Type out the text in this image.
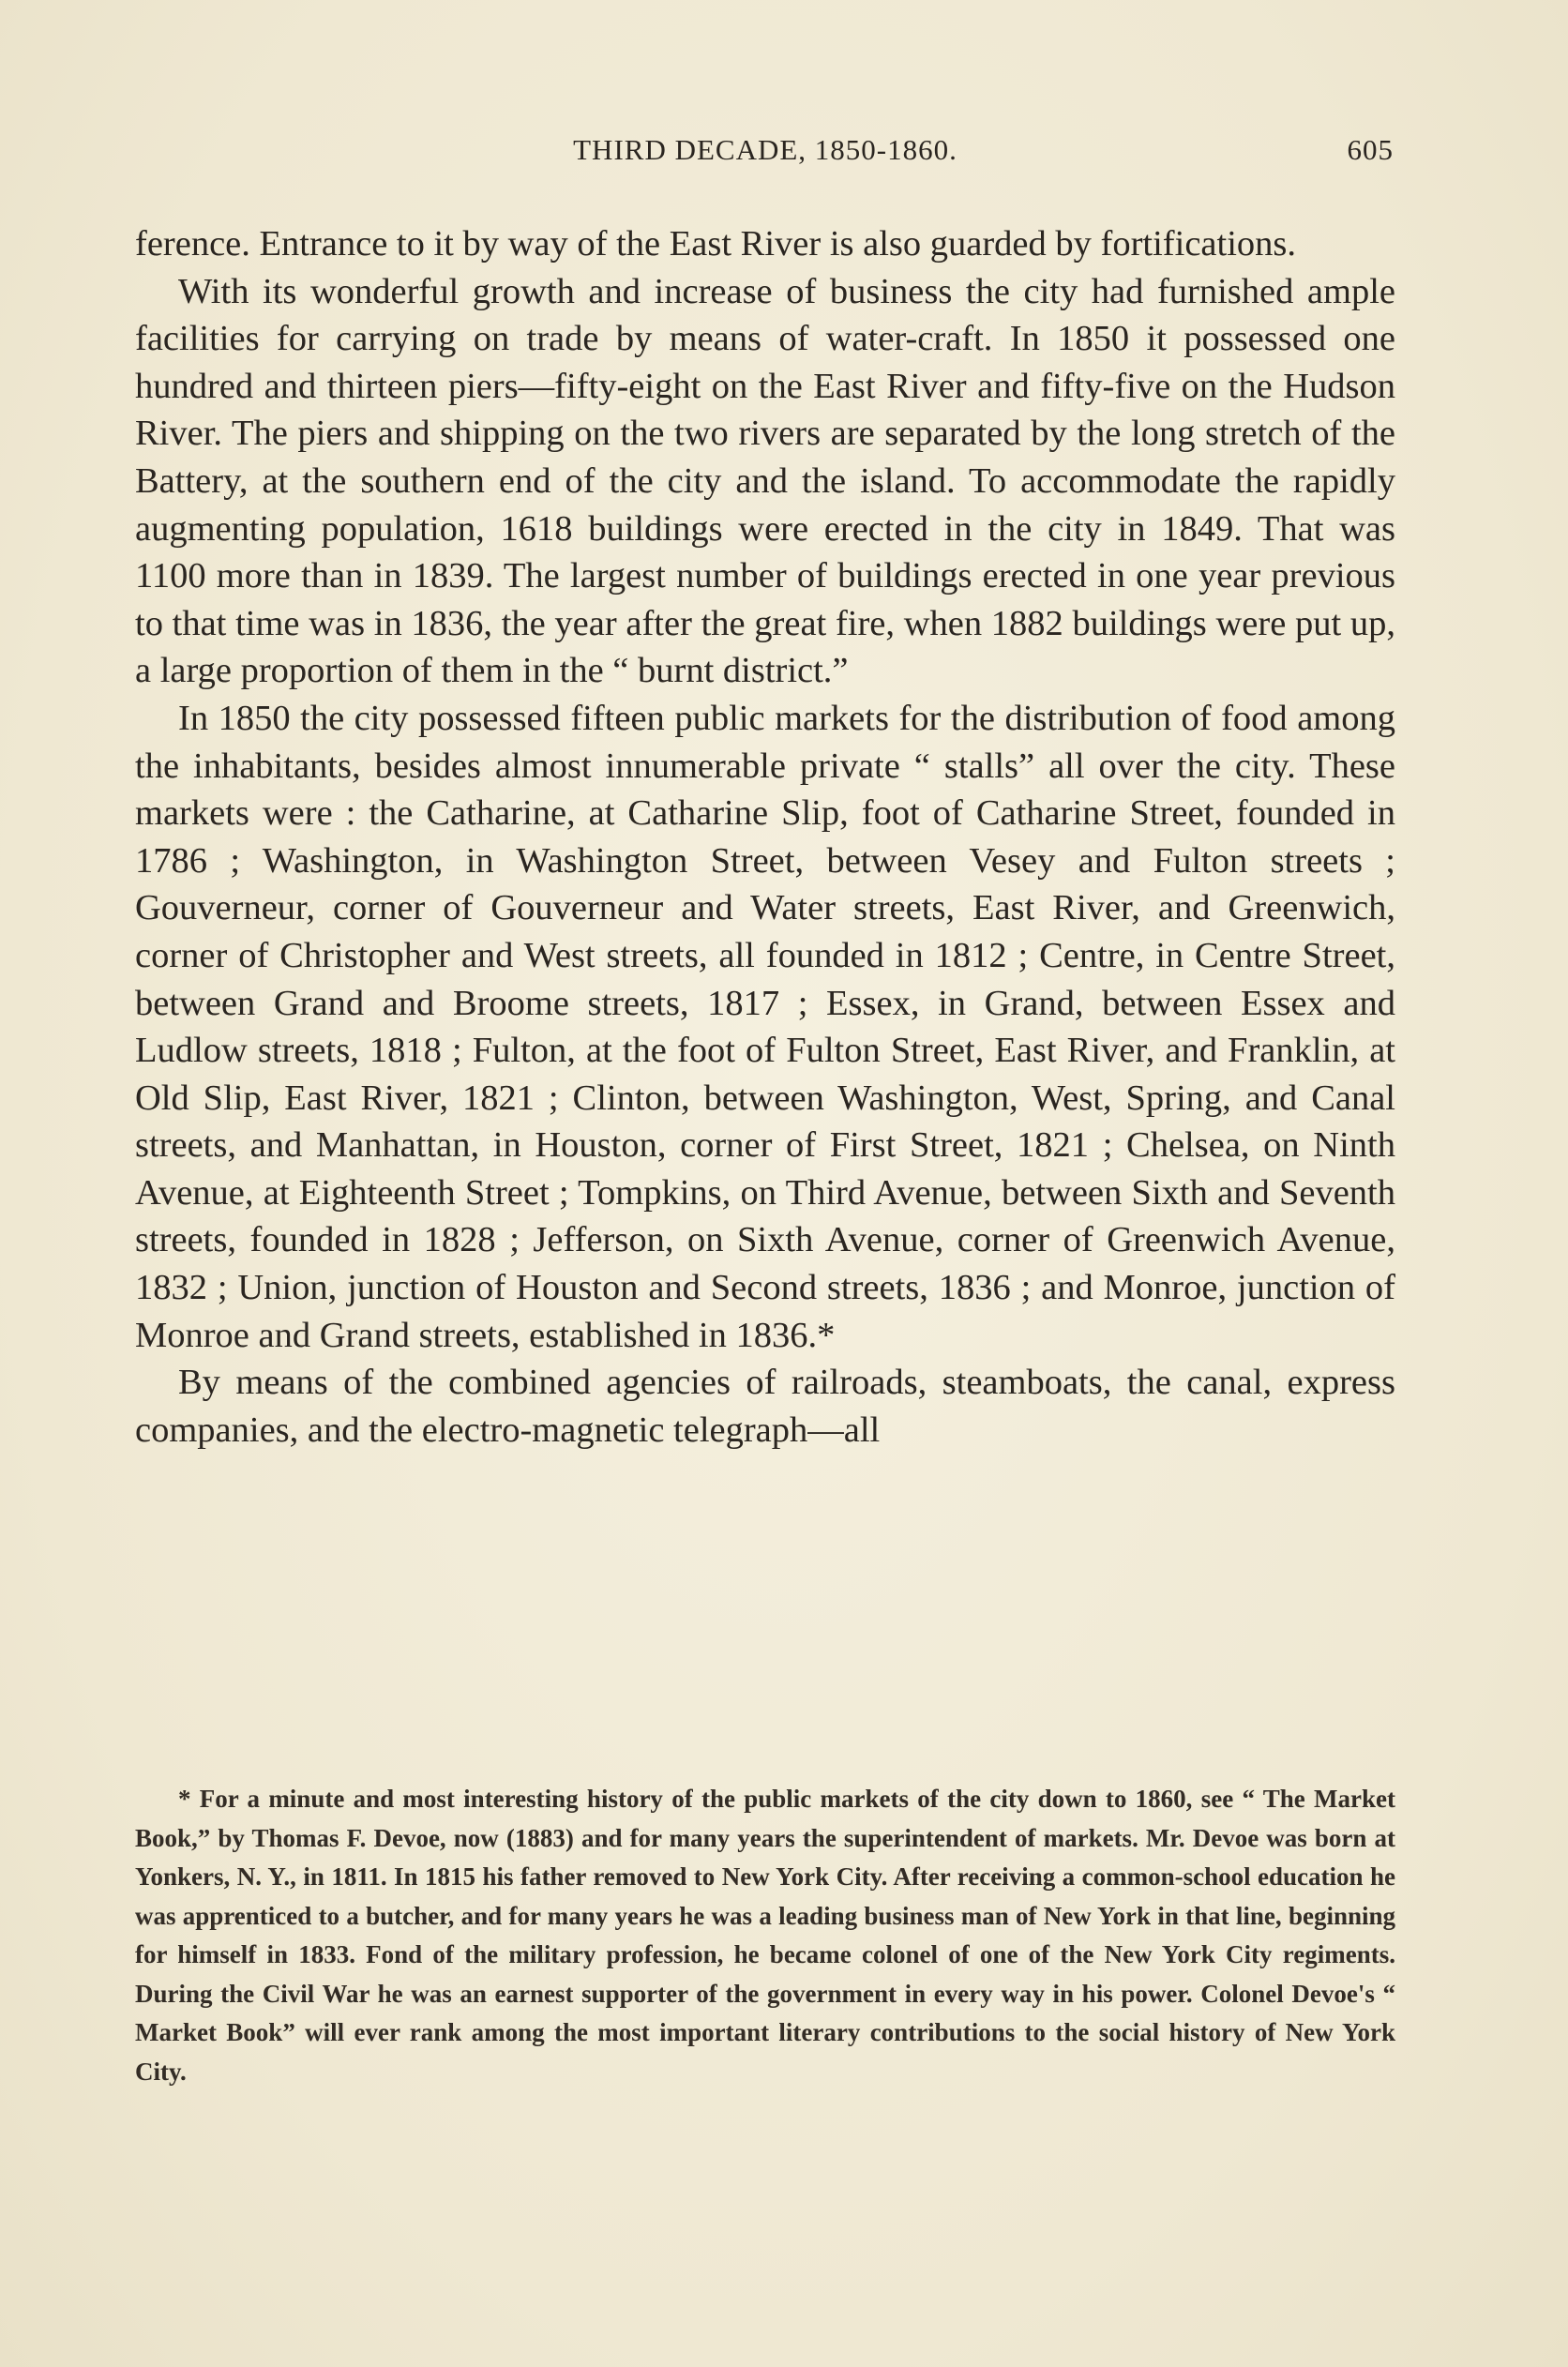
THIRD DECADE, 1850-1860.	605

ference. Entrance to it by way of the East River is also guarded by fortifications.

With its wonderful growth and increase of business the city had furnished ample facilities for carrying on trade by means of water-craft. In 1850 it possessed one hundred and thirteen piers—fifty-eight on the East River and fifty-five on the Hudson River. The piers and shipping on the two rivers are separated by the long stretch of the Battery, at the southern end of the city and the island. To accommodate the rapidly augmenting population, 1618 buildings were erected in the city in 1849. That was 1100 more than in 1839. The largest number of buildings erected in one year previous to that time was in 1836, the year after the great fire, when 1882 buildings were put up, a large proportion of them in the “ burnt district.”

In 1850 the city possessed fifteen public markets for the distribution of food among the inhabitants, besides almost innumerable private “ stalls” all over the city. These markets were : the Catharine, at Catharine Slip, foot of Catharine Street, founded in 1786 ; Washington, in Washington Street, between Vesey and Fulton streets ; Gouverneur, corner of Gouverneur and Water streets, East River, and Greenwich, corner of Christopher and West streets, all founded in 1812 ; Centre, in Centre Street, between Grand and Broome streets, 1817 ; Essex, in Grand, between Essex and Ludlow streets, 1818 ; Fulton, at the foot of Fulton Street, East River, and Franklin, at Old Slip, East River, 1821 ; Clinton, between Washington, West, Spring, and Canal streets, and Manhattan, in Houston, corner of First Street, 1821 ; Chelsea, on Ninth Avenue, at Eighteenth Street ; Tompkins, on Third Avenue, between Sixth and Seventh streets, founded in 1828 ; Jefferson, on Sixth Avenue, corner of Greenwich Avenue, 1832 ; Union, junction of Houston and Second streets, 1836 ; and Monroe, junction of Monroe and Grand streets, established in 1836.*

By means of the combined agencies of railroads, steamboats, the canal, express companies, and the electro-magnetic telegraph—all

* For a minute and most interesting history of the public markets of the city down to 1860, see “ The Market Book,” by Thomas F. Devoe, now (1883) and for many years the superintendent of markets. Mr. Devoe was born at Yonkers, N. Y., in 1811. In 1815 his father removed to New York City. After receiving a common-school education he was apprenticed to a butcher, and for many years he was a leading business man of New York in that line, beginning for himself in 1833. Fond of the military profession, he became colonel of one of the New York City regiments. During the Civil War he was an earnest supporter of the government in every way in his power. Colonel Devoe's “ Market Book” will ever rank among the most important literary contributions to the social history of New York City.
